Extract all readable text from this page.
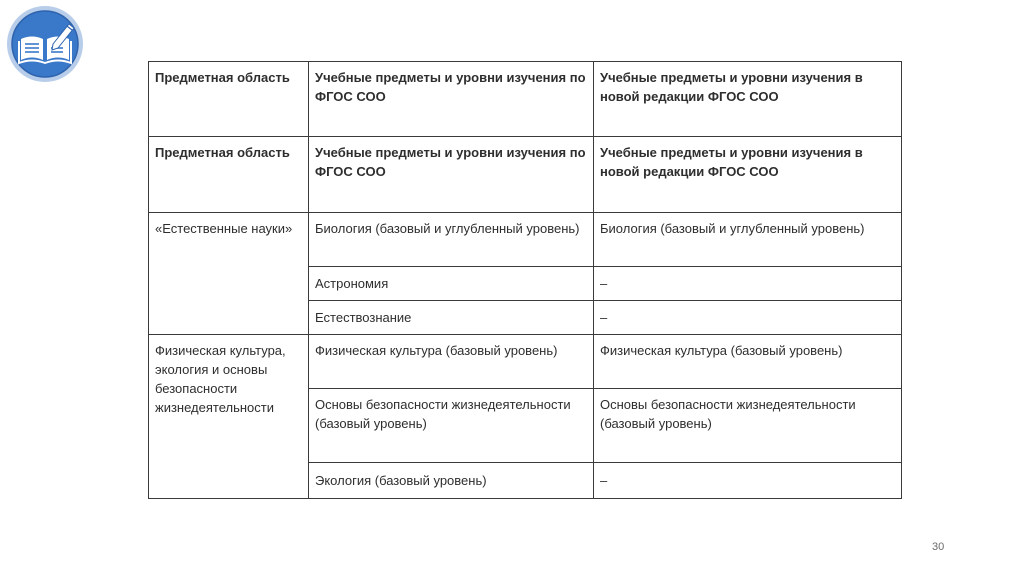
Предметная область	Учебные предметы и уровни изучения по ФГОС СОО	Учебные предметы и уровни изучения в новой редакции ФГОС СОО
Предметная область	Учебные предметы и уровни изучения по ФГОС СОО	Учебные предметы и уровни изучения в новой редакции ФГОС СОО
«Естественные науки»	Биология (базовый и углубленный уровень)	Биология (базовый и углубленный уровень)
	Астрономия	–
	Естествознание	–
Физическая культура, экология и основы безопасности жизнедеятельности	Физическая культура (базовый уровень)	Физическая культура (базовый уровень)
	Основы безопасности жизнедеятельности (базовый уровень)	Основы безопасности жизнедеятельности (базовый уровень)
	Экология (базовый уровень)	–
30
